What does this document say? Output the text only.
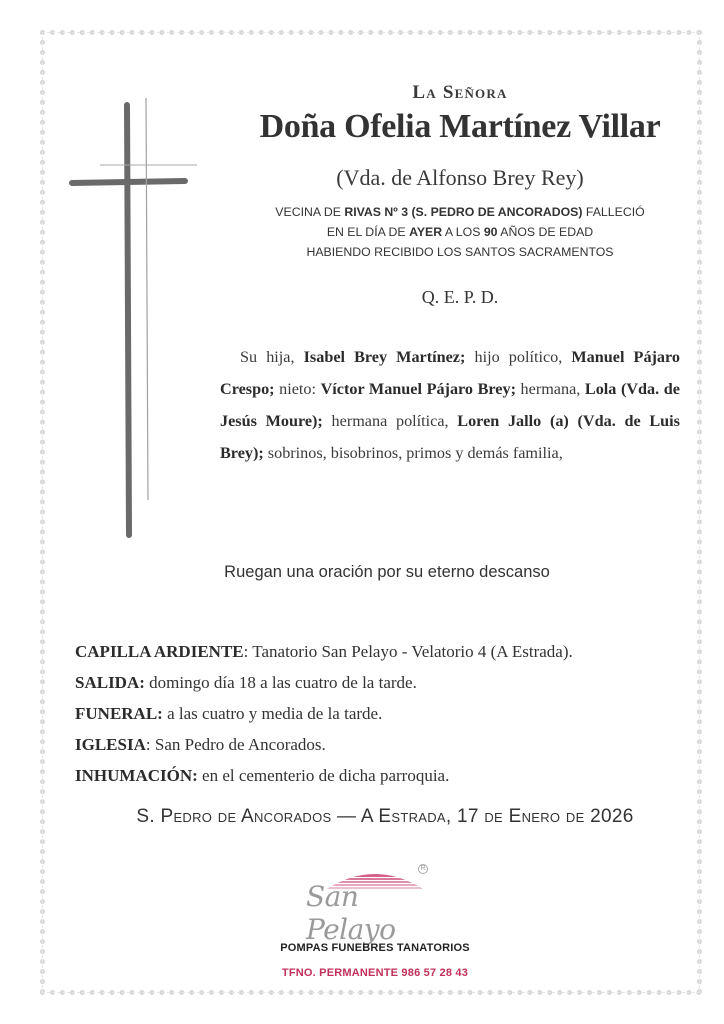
La Señora
Doña Ofelia Martínez Villar
(Vda. de Alfonso Brey Rey)
VECINA DE RIVAS Nº 3 (S. PEDRO DE ANCORADOS) FALLECIÓ
EN EL DÍA DE AYER A LOS 90 AÑOS DE EDAD
HABIENDO RECIBIDO LOS SANTOS SACRAMENTOS
Q. E. P. D.
Su hija, Isabel Brey Martínez; hijo político, Manuel Pájaro Crespo; nieto: Víctor Manuel Pájaro Brey; hermana, Lola (Vda. de Jesús Moure); hermana política, Loren Jallo (a) (Vda. de Luis Brey); sobrinos, bisobrinos, primos y demás familia,
Ruegan una oración por su eterno descanso
CAPILLA ARDIENTE: Tanatorio San Pelayo - Velatorio 4 (A Estrada).
SALIDA: domingo día 18 a las cuatro de la tarde.
FUNERAL: a las cuatro y media de la tarde.
IGLESIA: San Pedro de Ancorados.
INHUMACIÓN: en el cementerio de dicha parroquia.
S. Pedro de Ancorados — A Estrada, 17 de Enero de 2026
San Pelayo
R
POMPAS FUNEBRES TANATORIOS
TFNO. PERMANENTE 986 57 28 43
